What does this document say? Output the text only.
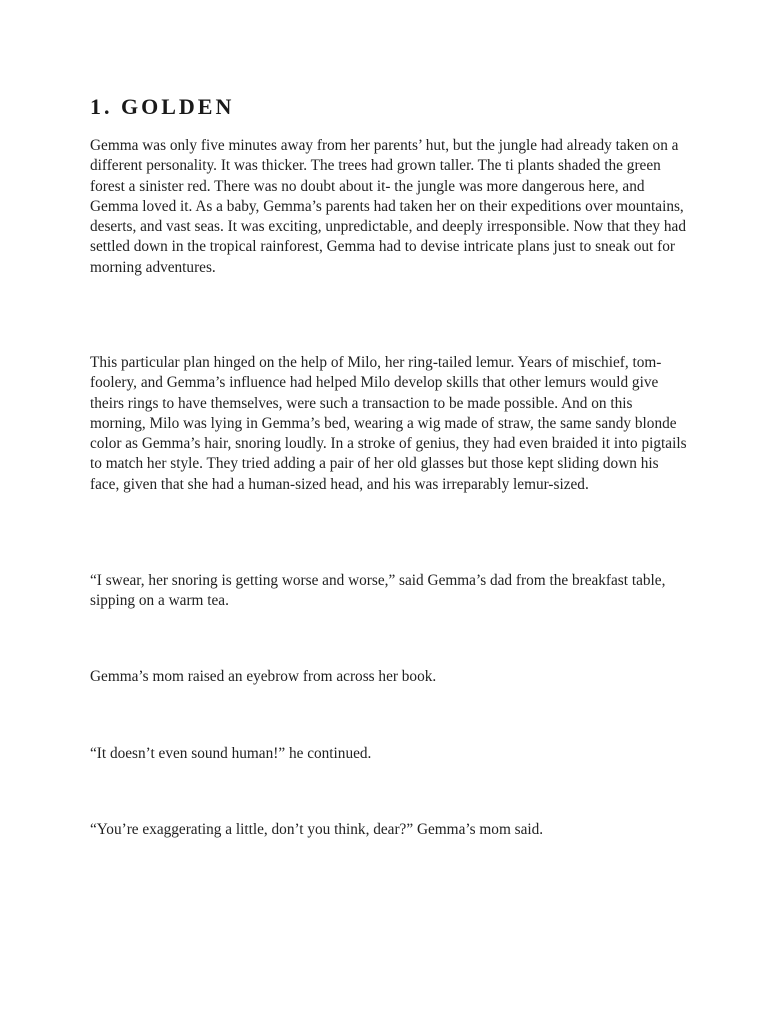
1. GOLDEN

Gemma was only five minutes away from her parents’ hut, but the jungle had already taken on a different personality. It was thicker. The trees had grown taller. The ti plants shaded the green forest a sinister red. There was no doubt about it- the jungle was more dangerous here, and Gemma loved it. As a baby, Gemma’s parents had taken her on their expeditions over mountains, deserts, and vast seas. It was exciting, unpredictable, and deeply irresponsible. Now that they had settled down in the tropical rainforest, Gemma had to devise intricate plans just to sneak out for morning adventures.

This particular plan hinged on the help of Milo, her ring-tailed lemur. Years of mischief, tom-foolery, and Gemma’s influence had helped Milo develop skills that other lemurs would give theirs rings to have themselves, were such a transaction to be made possible. And on this morning, Milo was lying in Gemma’s bed, wearing a wig made of straw, the same sandy blonde color as Gemma’s hair, snoring loudly. In a stroke of genius, they had even braided it into pigtails to match her style. They tried adding a pair of her old glasses but those kept sliding down his face, given that she had a human-sized head, and his was irreparably lemur-sized.

“I swear, her snoring is getting worse and worse,” said Gemma’s dad from the breakfast table, sipping on a warm tea.

Gemma’s mom raised an eyebrow from across her book.

“It doesn’t even sound human!” he continued.

“You’re exaggerating a little, don’t you think, dear?” Gemma’s mom said.
